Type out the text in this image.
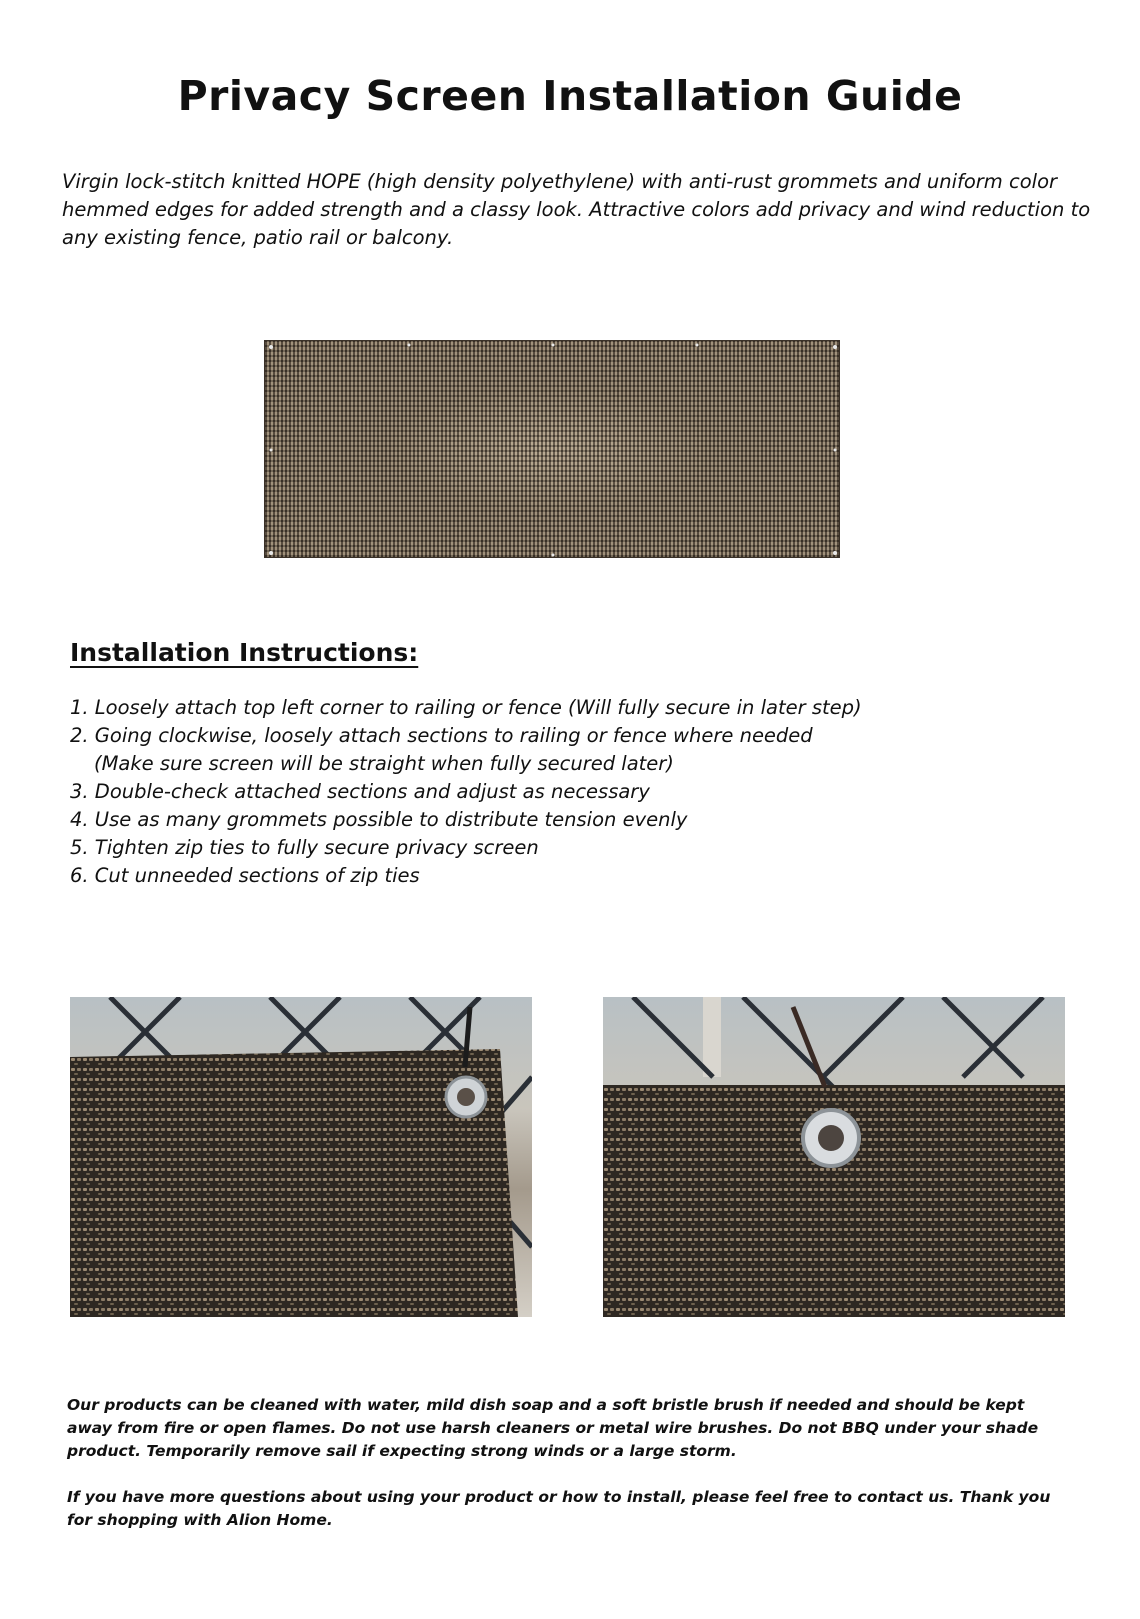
Privacy Screen Installation Guide

Virgin lock-stitch knitted HOPE (high density polyethylene) with anti-rust grommets and uniform color hemmed edges for added strength and a classy look. Attractive colors add privacy and wind reduction to any existing fence, patio rail or balcony.

Installation Instructions:
1. Loosely attach top left corner to railing or fence (Will fully secure in later step)
2. Going clockwise, loosely attach sections to railing or fence where needed
(Make sure screen will be straight when fully secured later)
3. Double-check attached sections and adjust as necessary
4. Use as many grommets possible to distribute tension evenly
5. Tighten zip ties to fully secure privacy screen
6. Cut unneeded sections of zip ties

Our products can be cleaned with water, mild dish soap and a soft bristle brush if needed and should be kept away from fire or open flames. Do not use harsh cleaners or metal wire brushes. Do not BBQ under your shade product. Temporarily remove sail if expecting strong winds or a large storm.

If you have more questions about using your product or how to install, please feel free to contact us. Thank you for shopping with Alion Home.
